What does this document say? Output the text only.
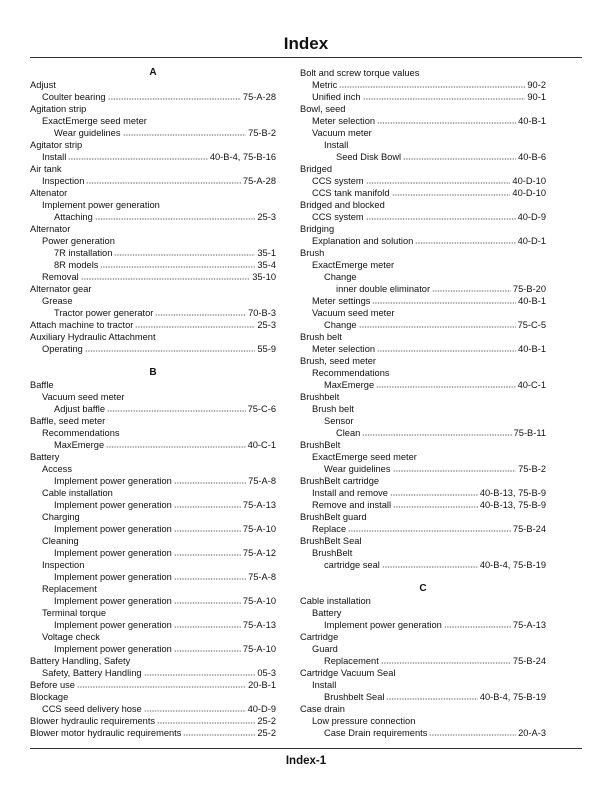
Index
A
Adjust
Coulter bearing	75-A-28
Agitation strip
ExactEmerge seed meter
Wear guidelines	75-B-2
Agitator strip
Install	40-B-4, 75-B-16
Air tank
Inspection	75-A-28
Altenator
Implement power generation
Attaching	25-3
Alternator
Power generation
7R installation	35-1
8R models	35-4
Removal	35-10
Alternator gear
Grease
Tractor power generator	70-B-3
Attach machine to tractor	25-3
Auxiliary Hydraulic Attachment
Operating	55-9
B
Baffle
Vacuum seed meter
Adjust baffle	75-C-6
Baffle, seed meter
Recommendations
MaxEmerge	40-C-1
Battery
Access
Implement power generation	75-A-8
Cable installation
Implement power generation	75-A-13
Charging
Implement power generation	75-A-10
Cleaning
Implement power generation	75-A-12
Inspection
Implement power generation	75-A-8
Replacement
Implement power generation	75-A-10
Terminal torque
Implement power generation	75-A-13
Voltage check
Implement power generation	75-A-10
Battery Handling, Safety
Safety, Battery Handling	05-3
Before use	20-B-1
Blockage
CCS seed delivery hose	40-D-9
Blower hydraulic requirements	25-2
Blower motor hydraulic requirements	25-2
Bolt and screw torque values
Metric	90-2
Unified inch	90-1
Bowl, seed
Meter selection	40-B-1
Vacuum meter
Install
Seed Disk Bowl	40-B-6
Bridged
CCS system	40-D-10
CCS tank manifold	40-D-10
Bridged and blocked
CCS system	40-D-9
Bridging
Explanation and solution	40-D-1
Brush
ExactEmerge meter
Change
inner double eliminator	75-B-20
Meter settings	40-B-1
Vacuum seed meter
Change	75-C-5
Brush belt
Meter selection	40-B-1
Brush, seed meter
Recommendations
MaxEmerge	40-C-1
Brushbelt
Brush belt
Sensor
Clean	75-B-11
BrushBelt
ExactEmerge seed meter
Wear guidelines	75-B-2
BrushBelt cartridge
Install and remove	40-B-13, 75-B-9
Remove and install	40-B-13, 75-B-9
BrushBelt guard
Replace	75-B-24
BrushBelt Seal
BrushBelt
cartridge seal	40-B-4, 75-B-19
C
Cable installation
Battery
Implement power generation	75-A-13
Cartridge
Guard
Replacement	75-B-24
Cartridge Vacuum Seal
Install
Brushbelt Seal	40-B-4, 75-B-19
Case drain
Low pressure connection
Case Drain requirements	20-A-3
Index-1
